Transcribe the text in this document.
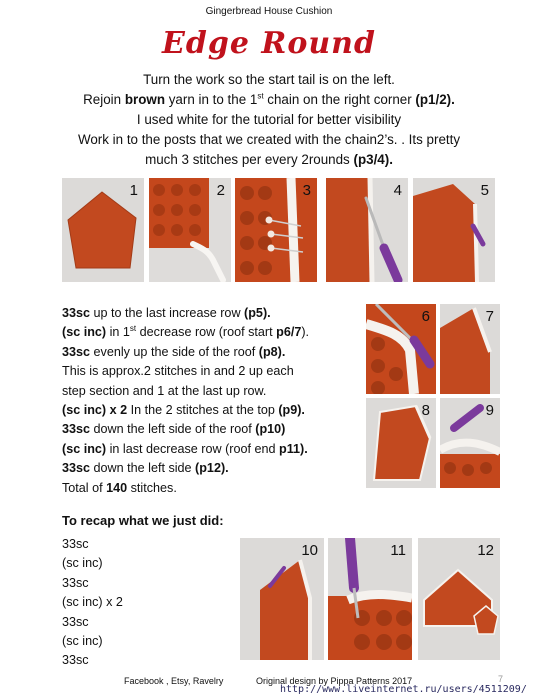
Gingerbread House Cushion
Edge Round

Turn the work so the start tail is on the left.

Rejoin brown yarn in to the 1st chain on the right corner (p1/2).

I used white for the tutorial for better visibility

Work in to the posts that we created with the chain2’s. . Its pretty

much 3 stitches per every 2rounds (p3/4).

1	2	3	4	5
33sc up to the last increase row (p5).
(sc inc) in 1st decrease row (roof start p6/7).
33sc evenly up the side of the roof (p8).
This is approx.2 stitches in and 2 up each
step section and 1 at the last up row.
(sc inc) x 2 In the 2 stitches at the top (p9).
33sc down the left side of the roof (p10)
(sc inc) in last decrease row (roof end p11).
33sc down the left side (p12).
Total of 140 stitches.
6	7
8	9
To recap what we just did:
33sc
(sc inc)
33sc
(sc inc) x 2
33sc
(sc inc)
33sc
10	11	12
Facebook , Etsy, Ravelry	Original design by Pippa Patterns 2017	7
http://www.liveinternet.ru/users/4511209/
